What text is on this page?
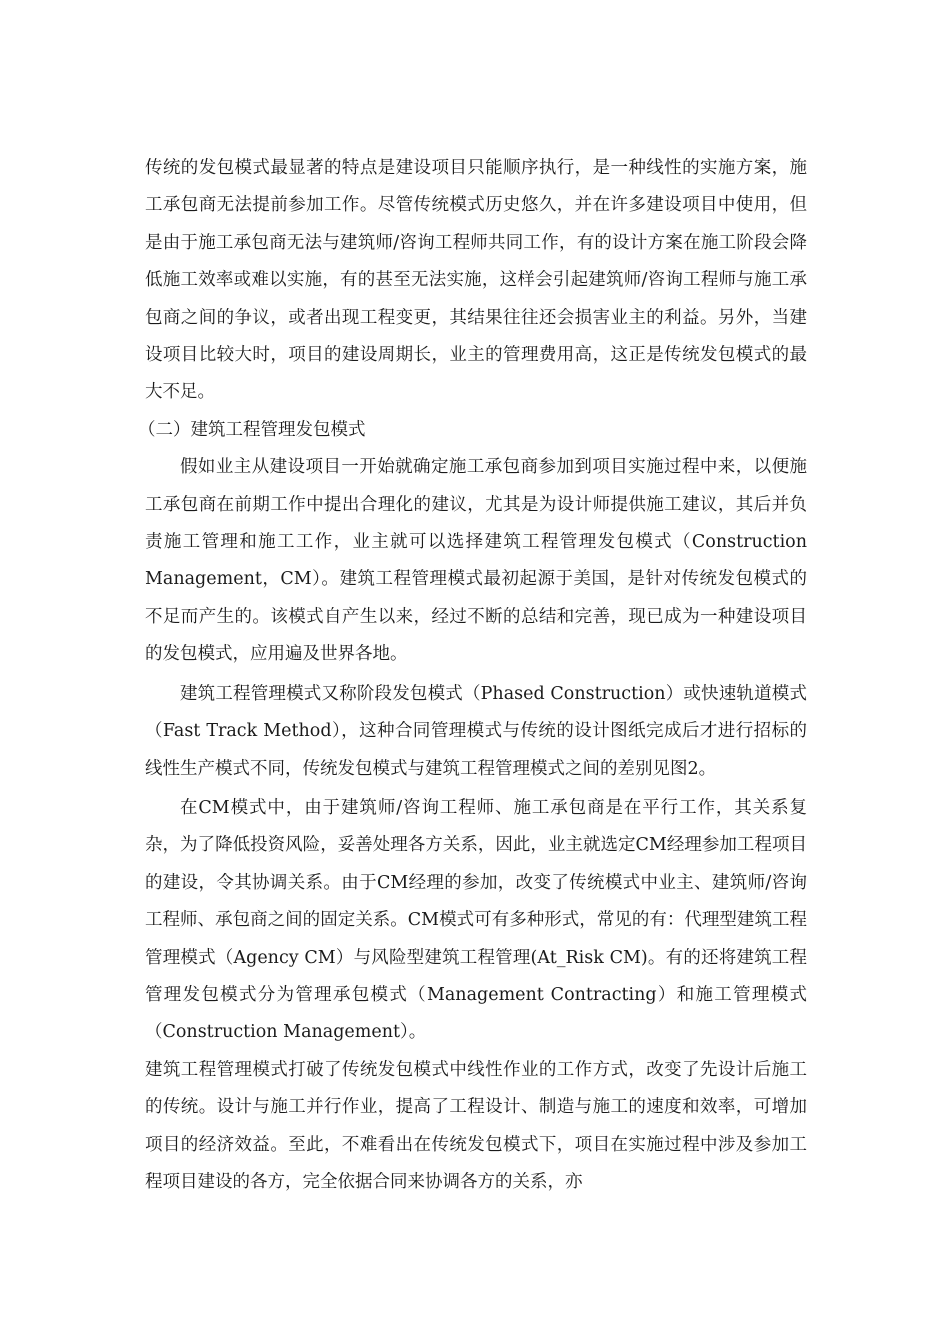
传统的发包模式最显著的特点是建设项目只能顺序执行，是一种线性的实施方案，施工承包商无法提前参加工作。尽管传统模式历史悠久，并在许多建设项目中使用，但是由于施工承包商无法与建筑师/咨询工程师共同工作，有的设计方案在施工阶段会降低施工效率或难以实施，有的甚至无法实施，这样会引起建筑师/咨询工程师与施工承包商之间的争议，或者出现工程变更，其结果往往还会损害业主的利益。另外，当建设项目比较大时，项目的建设周期长，业主的管理费用高，这正是传统发包模式的最大不足。

（二）建筑工程管理发包模式

假如业主从建设项目一开始就确定施工承包商参加到项目实施过程中来，以便施工承包商在前期工作中提出合理化的建议，尤其是为设计师提供施工建议，其后并负责施工管理和施工工作，业主就可以选择建筑工程管理发包模式（Construction Management，CM）。建筑工程管理模式最初起源于美国，是针对传统发包模式的不足而产生的。该模式自产生以来，经过不断的总结和完善，现已成为一种建设项目的发包模式，应用遍及世界各地。

建筑工程管理模式又称阶段发包模式（Phased Construction）或快速轨道模式（Fast Track Method），这种合同管理模式与传统的设计图纸完成后才进行招标的线性生产模式不同，传统发包模式与建筑工程管理模式之间的差别见图2。

在CM模式中，由于建筑师/咨询工程师、施工承包商是在平行工作，其关系复杂，为了降低投资风险，妥善处理各方关系，因此，业主就选定CM经理参加工程项目的建设，令其协调关系。由于CM经理的参加，改变了传统模式中业主、建筑师/咨询工程师、承包商之间的固定关系。CM模式可有多种形式，常见的有：代理型建筑工程管理模式（Agency CM）与风险型建筑工程管理(At_Risk CM)。有的还将建筑工程管理发包模式分为管理承包模式（Management Contracting）和施工管理模式（Construction Management）。

建筑工程管理模式打破了传统发包模式中线性作业的工作方式，改变了先设计后施工的传统。设计与施工并行作业，提高了工程设计、制造与施工的速度和效率，可增加项目的经济效益。至此，不难看出在传统发包模式下，项目在实施过程中涉及参加工程项目建设的各方，完全依据合同来协调各方的关系，亦
